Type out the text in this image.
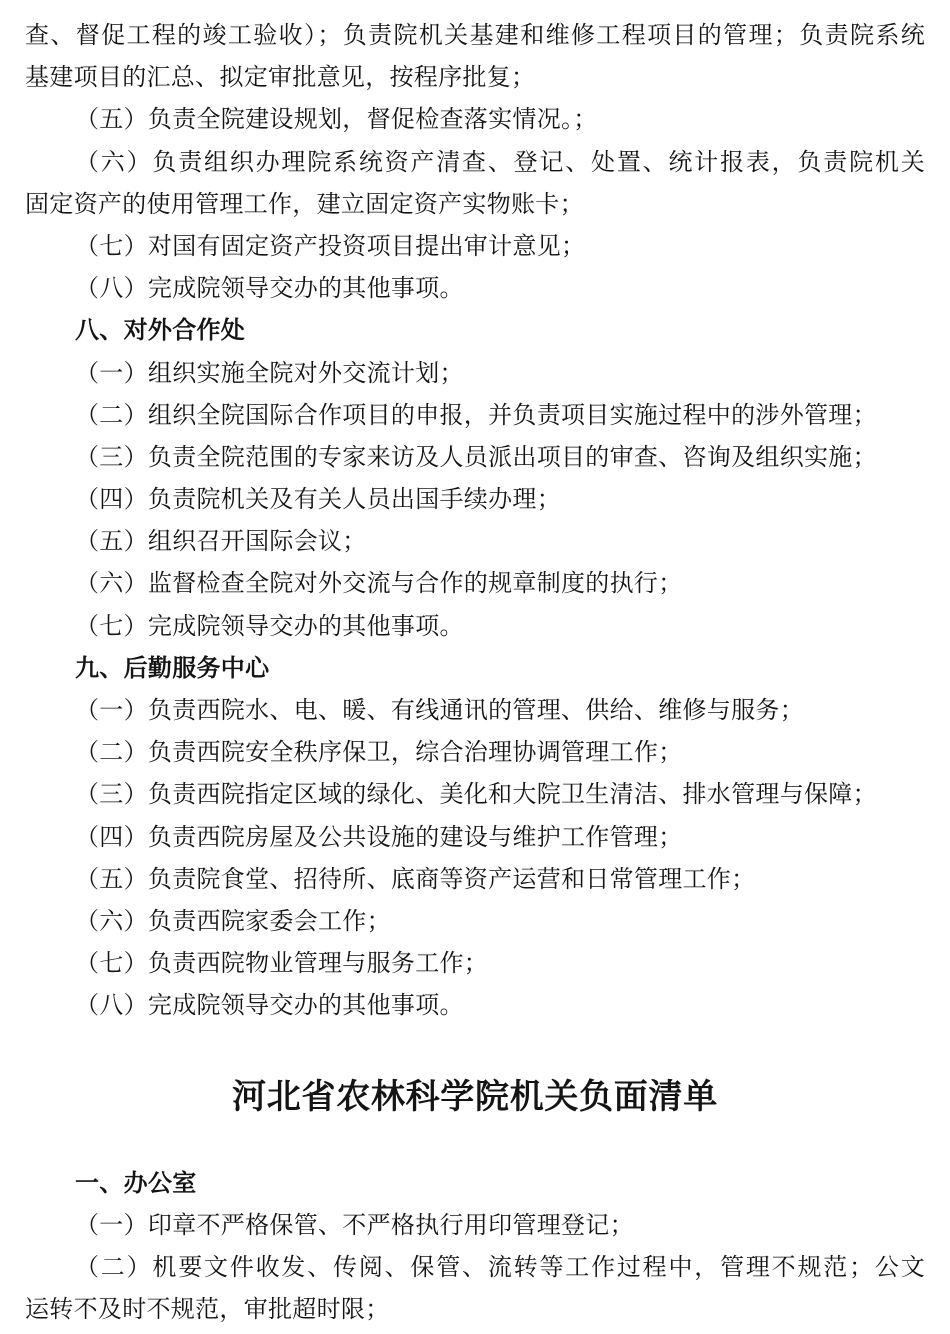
查、督促工程的竣工验收）；负责院机关基建和维修工程项目的管理；负责院系统
基建项目的汇总、拟定审批意见，按程序批复；
（五）负责全院建设规划，督促检查落实情况。；
（六）负责组织办理院系统资产清查、登记、处置、统计报表，负责院机关
固定资产的使用管理工作，建立固定资产实物账卡；
（七）对国有固定资产投资项目提出审计意见；
（八）完成院领导交办的其他事项。
八、对外合作处
（一）组织实施全院对外交流计划；
（二）组织全院国际合作项目的申报，并负责项目实施过程中的涉外管理；
（三）负责全院范围的专家来访及人员派出项目的审查、咨询及组织实施；
（四）负责院机关及有关人员出国手续办理；
（五）组织召开国际会议；
（六）监督检查全院对外交流与合作的规章制度的执行；
（七）完成院领导交办的其他事项。
九、后勤服务中心
（一）负责西院水、电、暖、有线通讯的管理、供给、维修与服务；
（二）负责西院安全秩序保卫，综合治理协调管理工作；
（三）负责西院指定区域的绿化、美化和大院卫生清洁、排水管理与保障；
（四）负责西院房屋及公共设施的建设与维护工作管理；
（五）负责院食堂、招待所、底商等资产运营和日常管理工作；
（六）负责西院家委会工作；
（七）负责西院物业管理与服务工作；
（八）完成院领导交办的其他事项。
河北省农林科学院机关负面清单
一、办公室
（一）印章不严格保管、不严格执行用印管理登记；
（二）机要文件收发、传阅、保管、流转等工作过程中，管理不规范；公文
运转不及时不规范，审批超时限；
